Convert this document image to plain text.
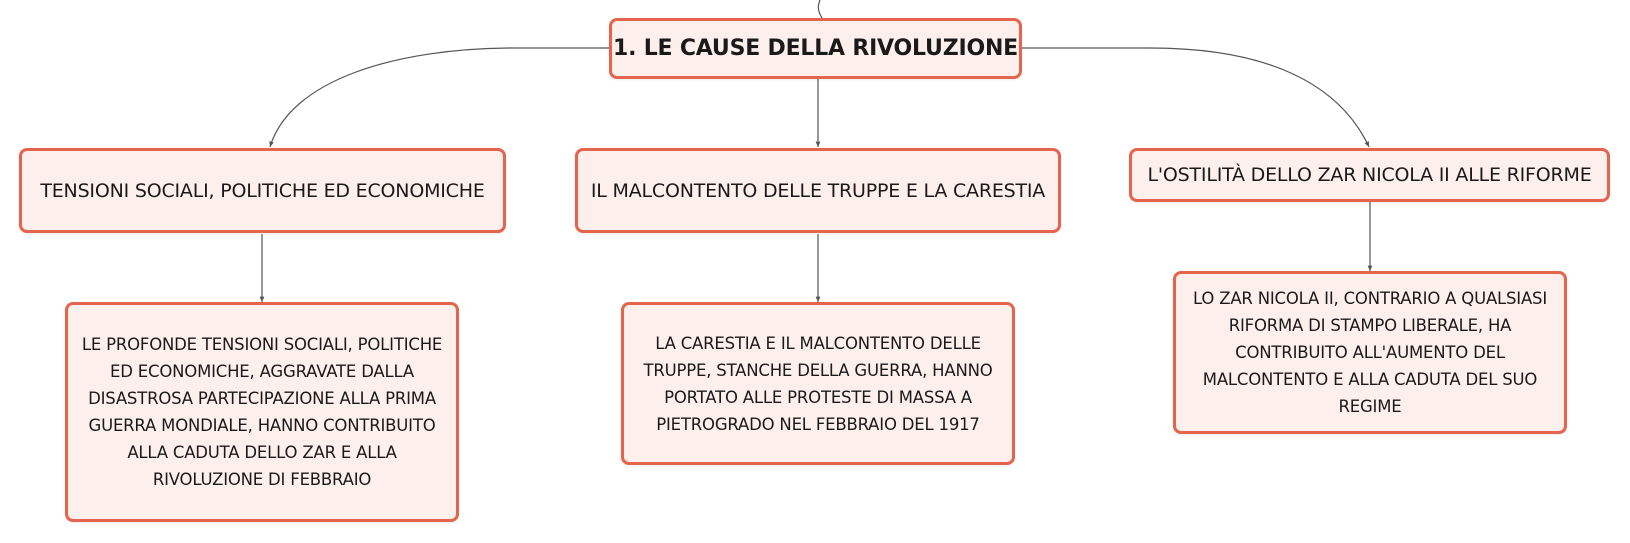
1. LE CAUSE DELLA RIVOLUZIONE
TENSIONI SOCIALI, POLITICHE ED ECONOMICHE	IL MALCONTENTO DELLE TRUPPE E LA CARESTIA
L'OSTILITÀ DELLO ZAR NICOLA II ALLE RIFORME
LE PROFONDE TENSIONI SOCIALI, POLITICHE ED ECONOMICHE, AGGRAVATE DALLA DISASTROSA PARTECIPAZIONE ALLA PRIMA GUERRA MONDIALE, HANNO CONTRIBUITO ALLA CADUTA DELLO ZAR E ALLA RIVOLUZIONE DI FEBBRAIO
LA CARESTIA E IL MALCONTENTO DELLE TRUPPE, STANCHE DELLA GUERRA, HANNO PORTATO ALLE PROTESTE DI MASSA A PIETROGRADO NEL FEBBRAIO DEL 1917
LO ZAR NICOLA II, CONTRARIO A QUALSIASI RIFORMA DI STAMPO LIBERALE, HA CONTRIBUITO ALL'AUMENTO DEL MALCONTENTO E ALLA CADUTA DEL SUO REGIME
